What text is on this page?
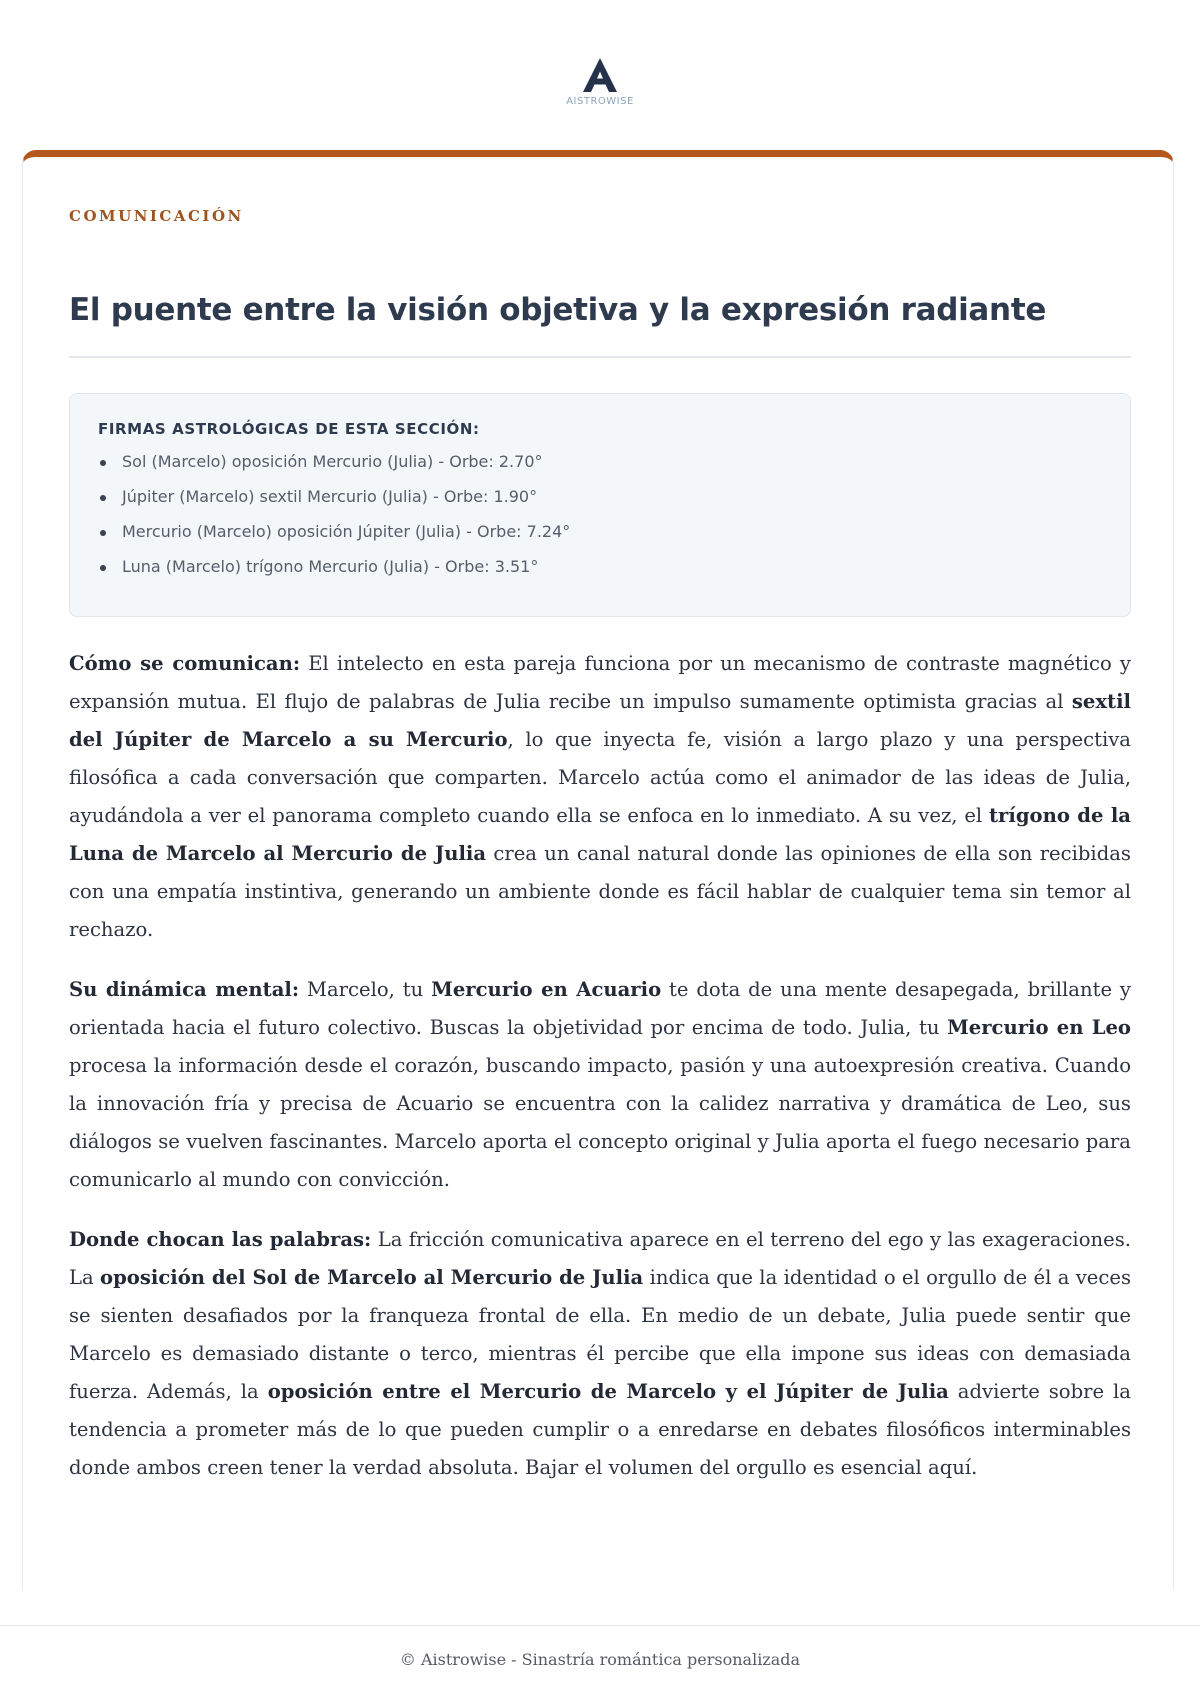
AISTROWISE
COMUNICACIÓN
El puente entre la visión objetiva y la expresión radiante
FIRMAS ASTROLÓGICAS DE ESTA SECCIÓN:
Sol (Marcelo) oposición Mercurio (Julia) - Orbe: 2.70°
Júpiter (Marcelo) sextil Mercurio (Julia) - Orbe: 1.90°
Mercurio (Marcelo) oposición Júpiter (Julia) - Orbe: 7.24°
Luna (Marcelo) trígono Mercurio (Julia) - Orbe: 3.51°

Cómo se comunican: El intelecto en esta pareja funciona por un mecanismo de contraste magnético y expansión mutua. El flujo de palabras de Julia recibe un impulso sumamente optimista gracias al sextil del Júpiter de Marcelo a su Mercurio, lo que inyecta fe, visión a largo plazo y una perspectiva filosófica a cada conversación que comparten. Marcelo actúa como el animador de las ideas de Julia, ayudándola a ver el panorama completo cuando ella se enfoca en lo inmediato. A su vez, el trígono de la Luna de Marcelo al Mercurio de Julia crea un canal natural donde las opiniones de ella son recibidas con una empatía instintiva, generando un ambiente donde es fácil hablar de cualquier tema sin temor al rechazo.

Su dinámica mental: Marcelo, tu Mercurio en Acuario te dota de una mente desapegada, brillante y orientada hacia el futuro colectivo. Buscas la objetividad por encima de todo. Julia, tu Mercurio en Leo procesa la información desde el corazón, buscando impacto, pasión y una autoexpresión creativa. Cuando la innovación fría y precisa de Acuario se encuentra con la calidez narrativa y dramática de Leo, sus diálogos se vuelven fascinantes. Marcelo aporta el concepto original y Julia aporta el fuego necesario para comunicarlo al mundo con convicción.

Donde chocan las palabras: La fricción comunicativa aparece en el terreno del ego y las exageraciones. La oposición del Sol de Marcelo al Mercurio de Julia indica que la identidad o el orgullo de él a veces se sienten desafiados por la franqueza frontal de ella. En medio de un debate, Julia puede sentir que Marcelo es demasiado distante o terco, mientras él percibe que ella impone sus ideas con demasiada fuerza. Además, la oposición entre el Mercurio de Marcelo y el Júpiter de Julia advierte sobre la tendencia a prometer más de lo que pueden cumplir o a enredarse en debates filosóficos interminables donde ambos creen tener la verdad absoluta. Bajar el volumen del orgullo es esencial aquí.

© Aistrowise - Sinastría romántica personalizada
